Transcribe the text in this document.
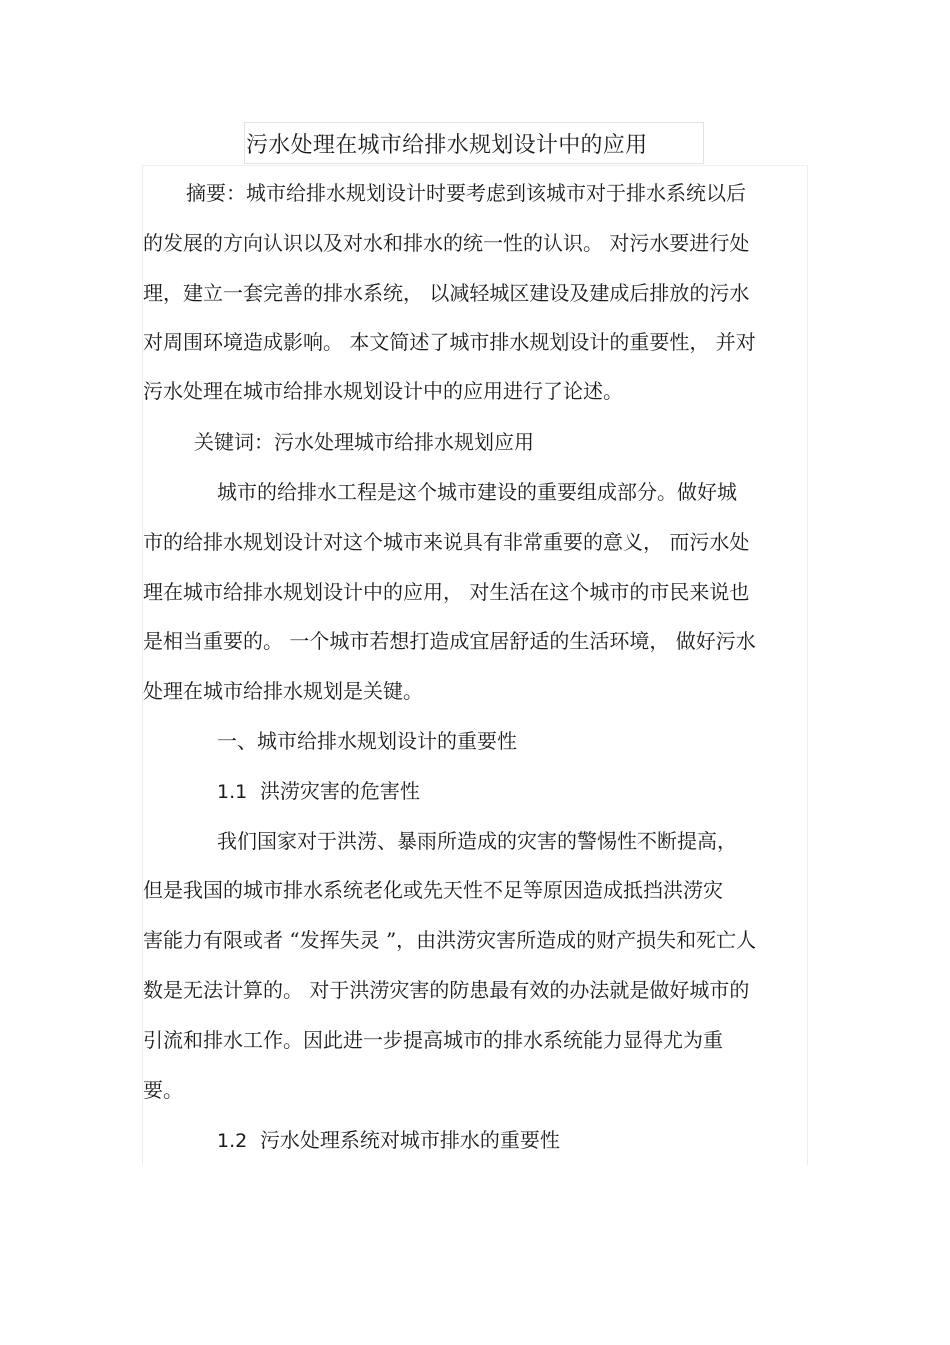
污水处理在城市给排水规划设计中的应用
摘要：城市给排水规划设计时要考虑到该城市对于排水系统以后
的发展的方向认识以及对水和排水的统一性的认识。 对污水要进行处
理，建立一套完善的排水系统， 以减轻城区建设及建成后排放的污水
对周围环境造成影响。 本文简述了城市排水规划设计的重要性， 并对
污水处理在城市给排水规划设计中的应用进行了论述。
关键词：污水处理城市给排水规划应用
城市的给排水工程是这个城市建设的重要组成部分。做好城
市的给排水规划设计对这个城市来说具有非常重要的意义， 而污水处
理在城市给排水规划设计中的应用， 对生活在这个城市的市民来说也
是相当重要的。 一个城市若想打造成宜居舒适的生活环境， 做好污水
处理在城市给排水规划是关键。
一、城市给排水规划设计的重要性
1.1 洪涝灾害的危害性
我们国家对于洪涝、暴雨所造成的灾害的警惕性不断提高，
但是我国的城市排水系统老化或先天性不足等原因造成抵挡洪涝灾
害能力有限或者 “发挥失灵 ”，由洪涝灾害所造成的财产损失和死亡人
数是无法计算的。 对于洪涝灾害的防患最有效的办法就是做好城市的
引流和排水工作。因此进一步提高城市的排水系统能力显得尤为重
要。
1.2 污水处理系统对城市排水的重要性
